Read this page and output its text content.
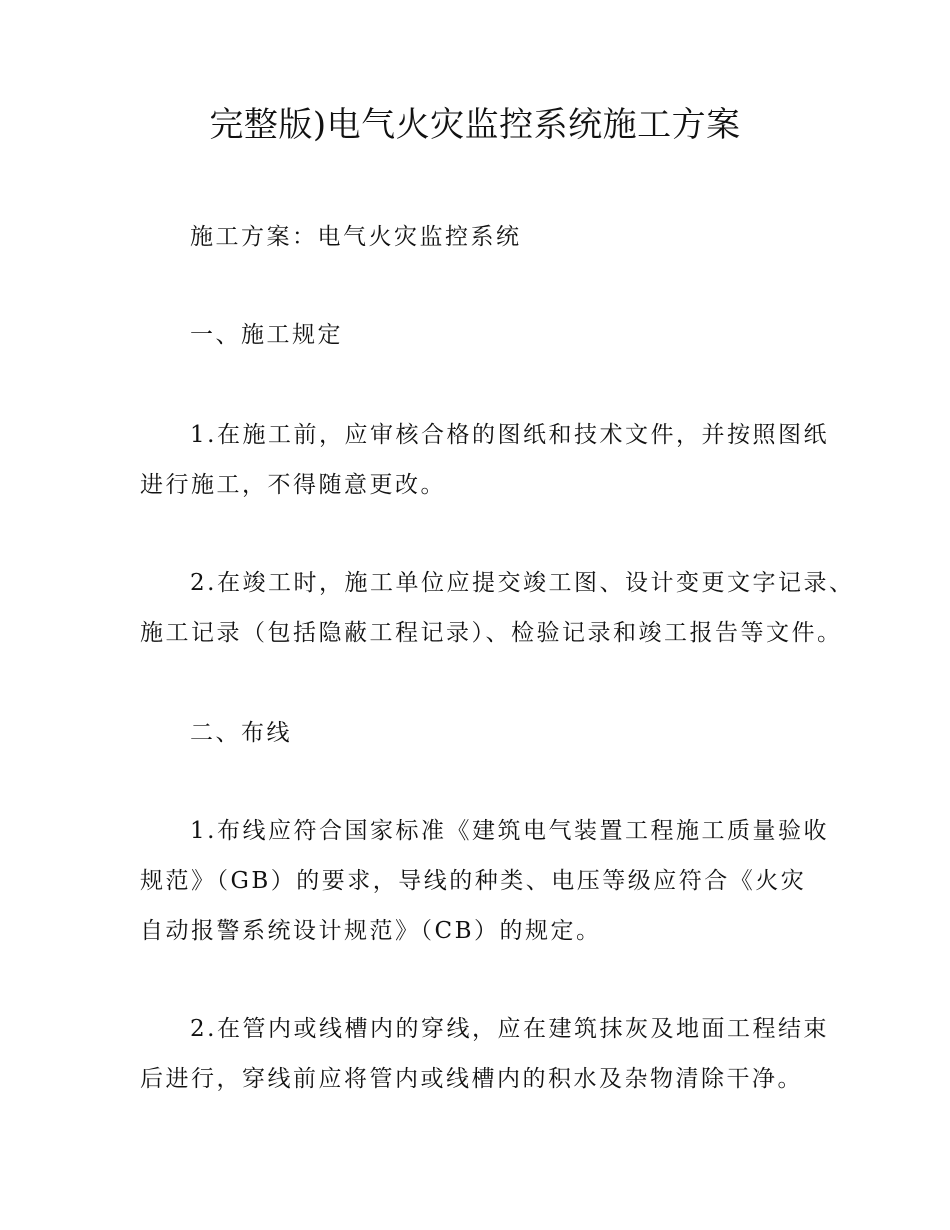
完整版)电气火灾监控系统施工方案
施工方案：电气火灾监控系统
一、施工规定
1.在施工前，应审核合格的图纸和技术文件，并按照图纸
进行施工，不得随意更改。
2.在竣工时，施工单位应提交竣工图、设计变更文字记录、
施工记录（包括隐蔽工程记录）、检验记录和竣工报告等文件。
二、布线
1.布线应符合国家标准《建筑电气装置工程施工质量验收
规范》（GB）的要求，导线的种类、电压等级应符合《火灾
自动报警系统设计规范》（CB）的规定。
2.在管内或线槽内的穿线，应在建筑抹灰及地面工程结束
后进行，穿线前应将管内或线槽内的积水及杂物清除干净。
